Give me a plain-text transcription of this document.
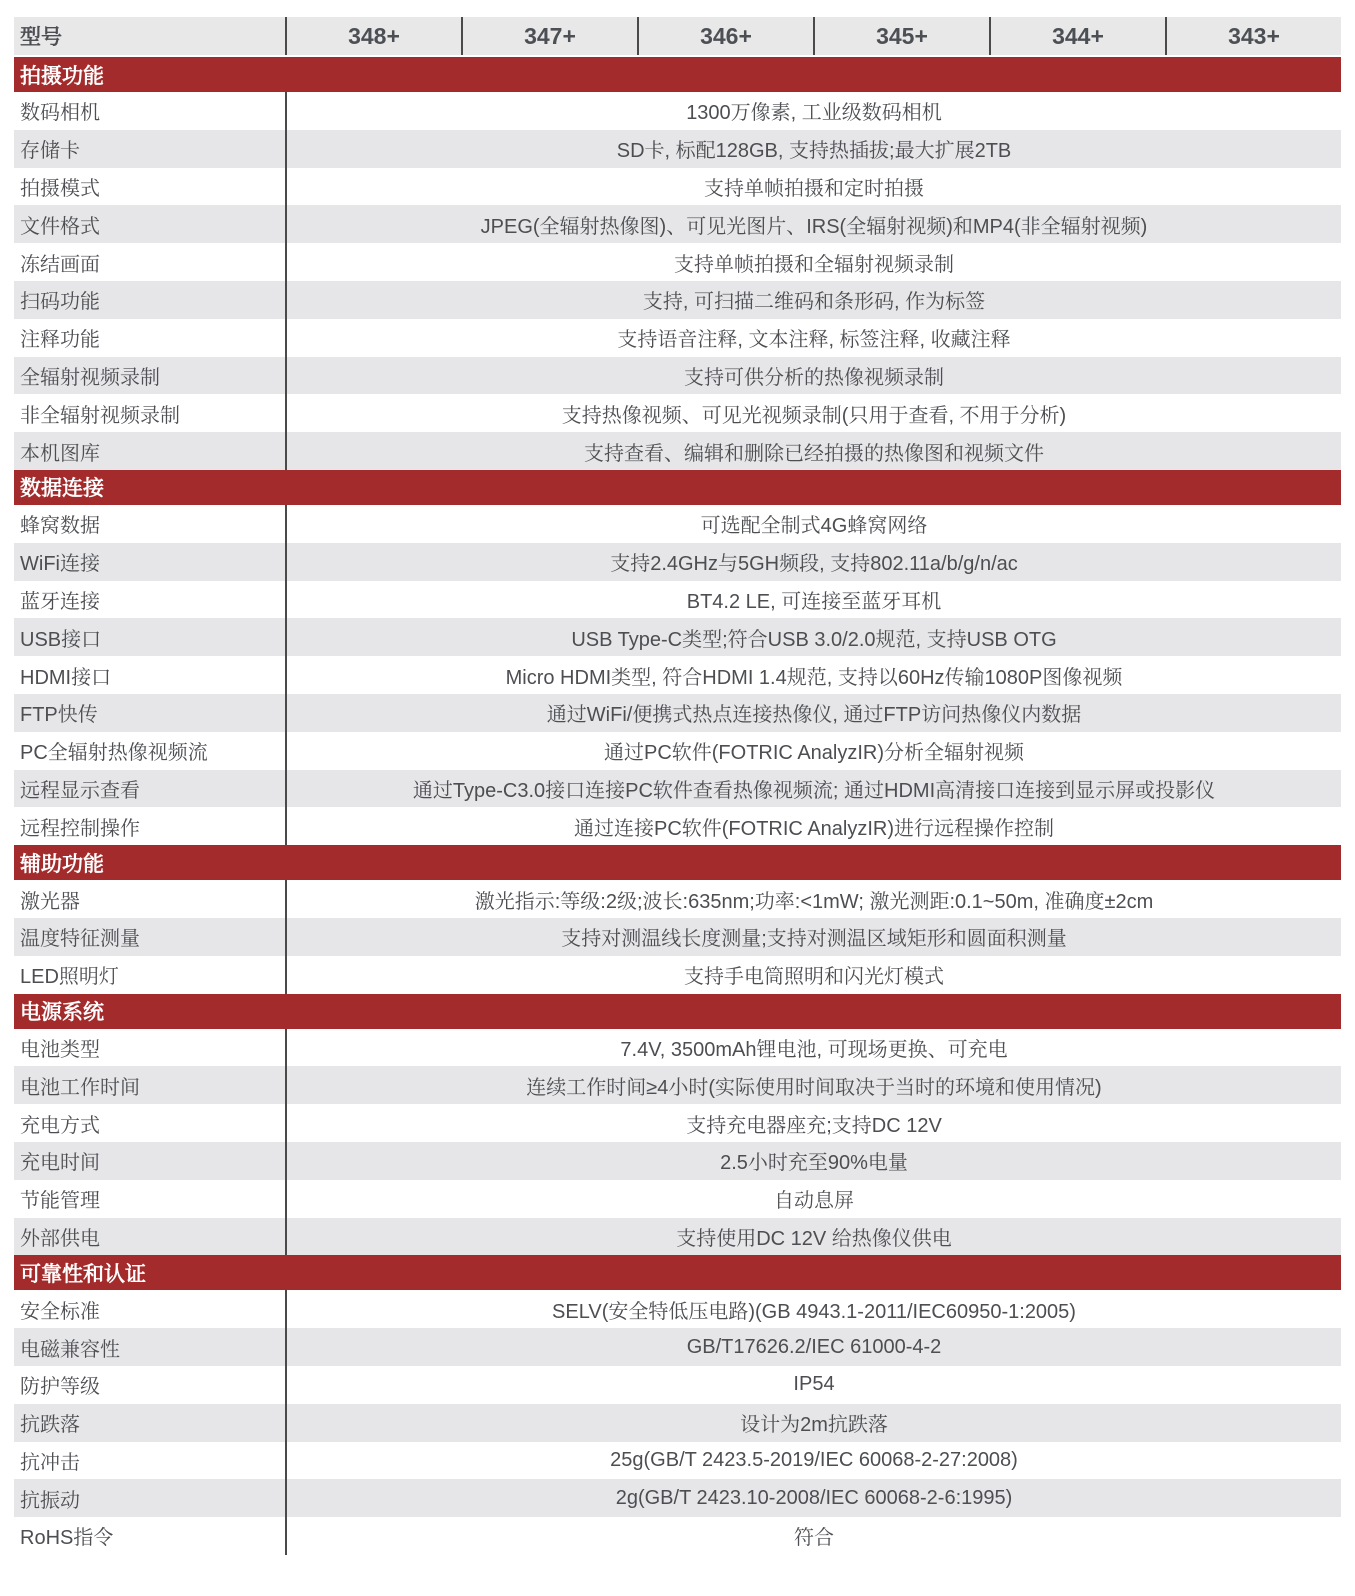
型号	348+	347+	346+	345+	344+	343+
拍摄功能
数码相机	1300万像素, 工业级数码相机
存储卡	SD卡, 标配128GB, 支持热插拔;最大扩展2TB
拍摄模式	支持单帧拍摄和定时拍摄
文件格式	JPEG(全辐射热像图)、可见光图片、IRS(全辐射视频)和MP4(非全辐射视频)
冻结画面	支持单帧拍摄和全辐射视频录制
扫码功能	支持, 可扫描二维码和条形码, 作为标签
注释功能	支持语音注释, 文本注释, 标签注释, 收藏注释
全辐射视频录制	支持可供分析的热像视频录制
非全辐射视频录制	支持热像视频、可见光视频录制(只用于查看, 不用于分析)
本机图库	支持查看、编辑和删除已经拍摄的热像图和视频文件
数据连接
蜂窝数据	可选配全制式4G蜂窝网络
WiFi连接	支持2.4GHz与5GH频段, 支持802.11a/b/g/n/ac
蓝牙连接	BT4.2 LE, 可连接至蓝牙耳机
USB接口	USB Type-C类型;符合USB 3.0/2.0规范, 支持USB OTG
HDMI接口	Micro HDMI类型, 符合HDMI 1.4规范, 支持以60Hz传输1080P图像视频
FTP快传	通过WiFi/便携式热点连接热像仪, 通过FTP访问热像仪内数据
PC全辐射热像视频流	通过PC软件(FOTRIC AnalyzIR)分析全辐射视频
远程显示查看	通过Type-C3.0接口连接PC软件查看热像视频流; 通过HDMI高清接口连接到显示屏或投影仪
远程控制操作	通过连接PC软件(FOTRIC AnalyzIR)进行远程操作控制
辅助功能
激光器	激光指示:等级:2级;波长:635nm;功率:<1mW; 激光测距:0.1~50m, 准确度±2cm
温度特征测量	支持对测温线长度测量;支持对测温区域矩形和圆面积测量
LED照明灯	支持手电筒照明和闪光灯模式
电源系统
电池类型	7.4V, 3500mAh锂电池, 可现场更换、可充电
电池工作时间	连续工作时间≥4小时(实际使用时间取决于当时的环境和使用情况)
充电方式	支持充电器座充;支持DC 12V
充电时间	2.5小时充至90%电量
节能管理	自动息屏
外部供电	支持使用DC 12V 给热像仪供电
可靠性和认证
安全标准	SELV(安全特低压电路)(GB 4943.1-2011/IEC60950-1:2005)
电磁兼容性	GB/T17626.2/IEC 61000-4-2
防护等级	IP54
抗跌落	设计为2m抗跌落
抗冲击	25g(GB/T 2423.5-2019/IEC 60068-2-27:2008)
抗振动	2g(GB/T 2423.10-2008/IEC 60068-2-6:1995)
RoHS指令	符合
